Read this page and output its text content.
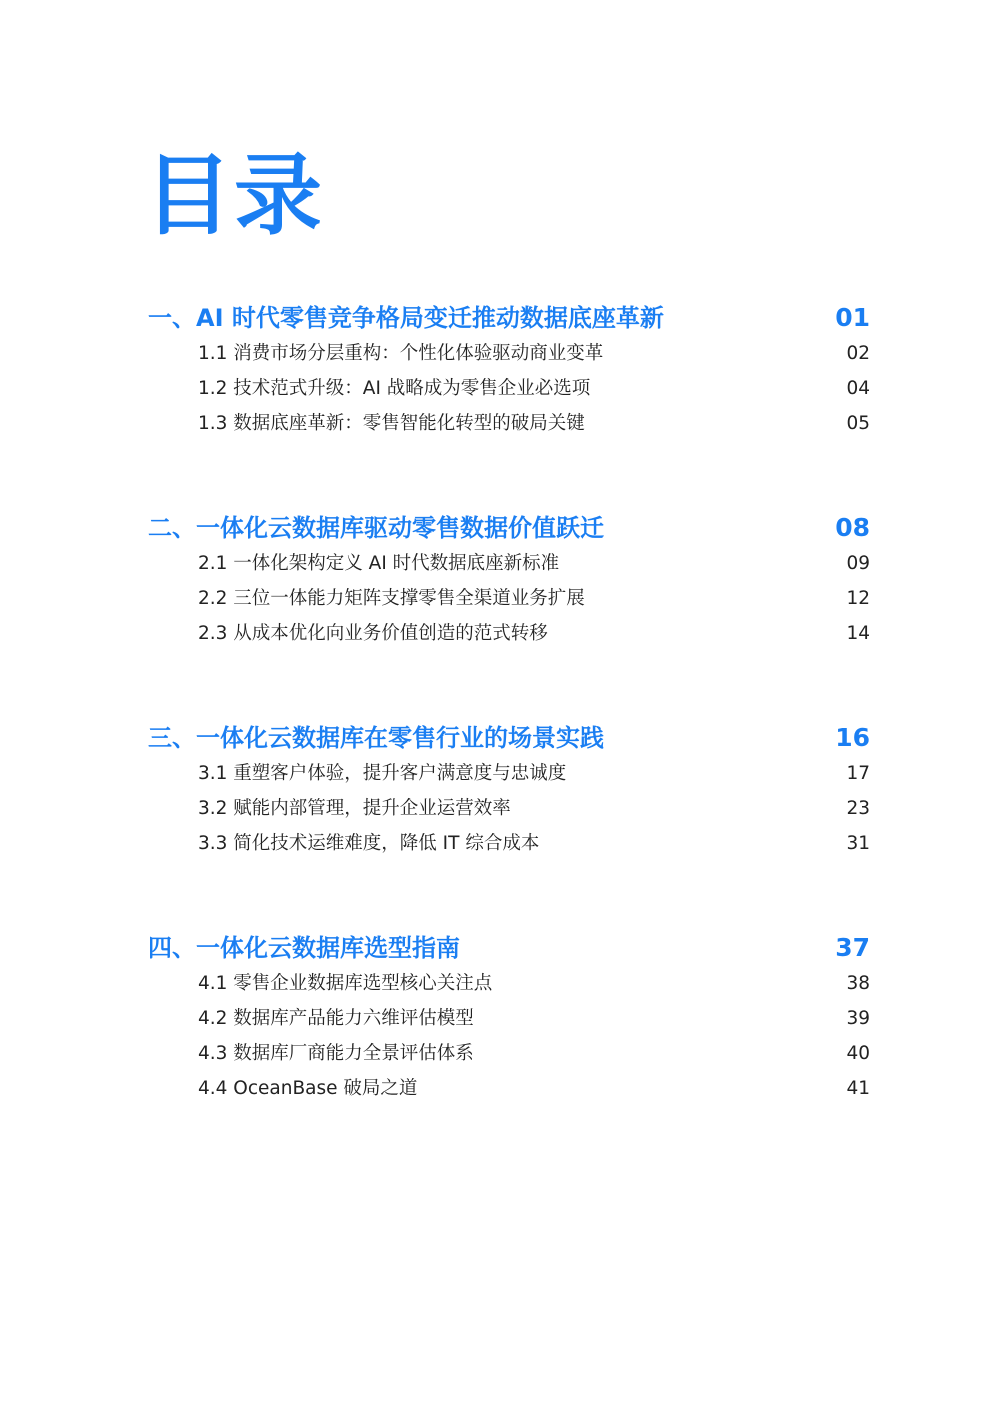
目录
一、AI 时代零售竞争格局变迁推动数据底座革新	01
1.1 消费市场分层重构：个性化体验驱动商业变革	02
1.2 技术范式升级：AI 战略成为零售企业必选项	04
1.3 数据底座革新：零售智能化转型的破局关键	05
二、一体化云数据库驱动零售数据价值跃迁	08
2.1 一体化架构定义 AI 时代数据底座新标准	09
2.2 三位一体能力矩阵支撑零售全渠道业务扩展	12
2.3 从成本优化向业务价值创造的范式转移	14
三、一体化云数据库在零售行业的场景实践	16
3.1 重塑客户体验，提升客户满意度与忠诚度	17
3.2 赋能内部管理，提升企业运营效率	23
3.3 简化技术运维难度，降低 IT 综合成本	31
四、一体化云数据库选型指南	37
4.1 零售企业数据库选型核心关注点	38
4.2 数据库产品能力六维评估模型	39
4.3 数据库厂商能力全景评估体系	40
4.4 OceanBase 破局之道	41
